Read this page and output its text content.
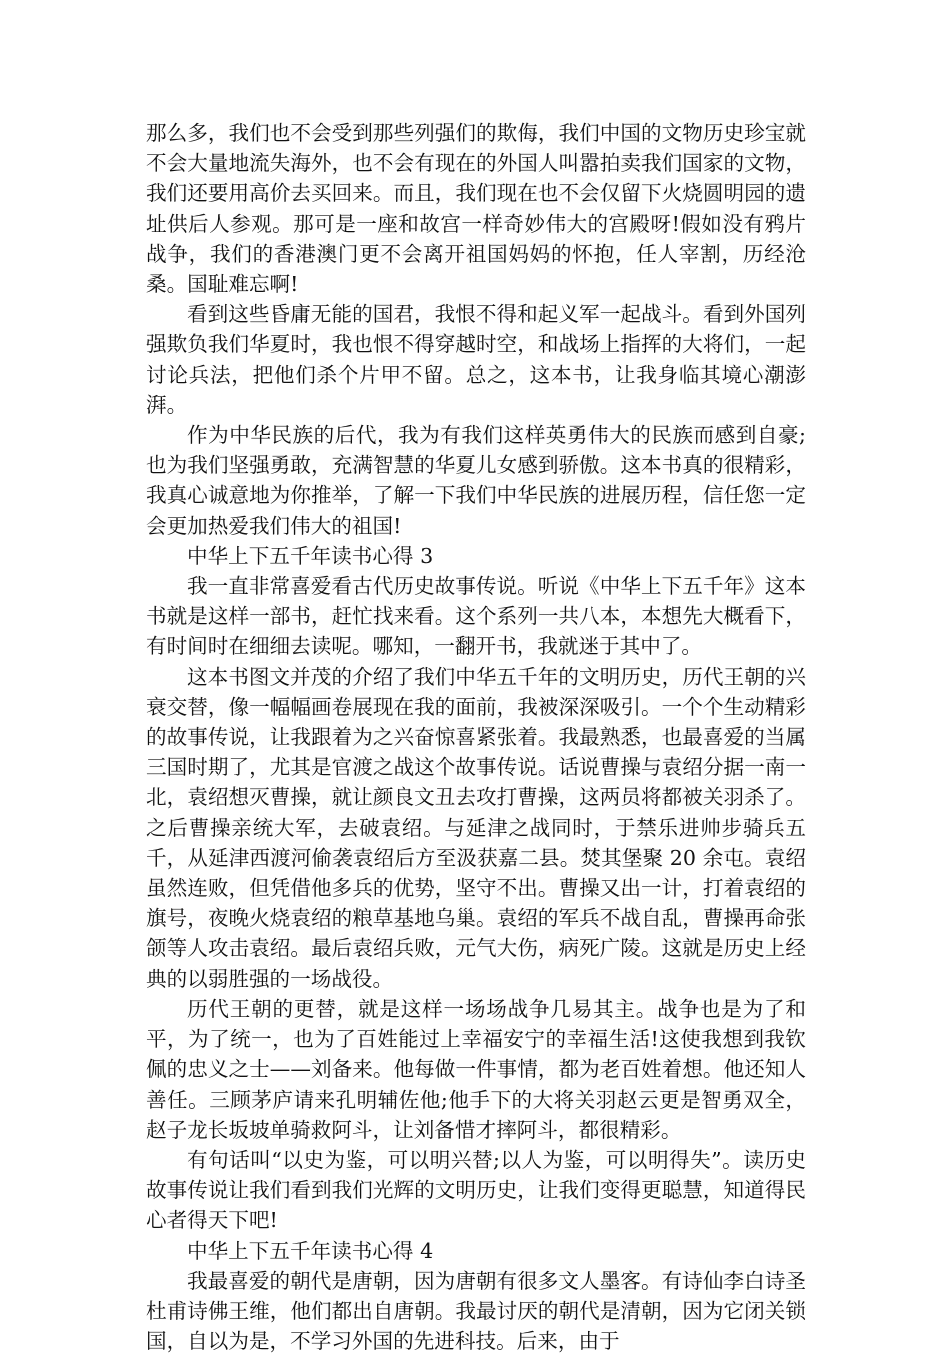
那么多，我们也不会受到那些列强们的欺侮，我们中国的文物历史珍宝就不会大量地流失海外，也不会有现在的外国人叫嚣拍卖我们国家的文物，我们还要用高价去买回来。而且，我们现在也不会仅留下火烧圆明园的遗址供后人参观。那可是一座和故宫一样奇妙伟大的宫殿呀!假如没有鸦片战争，我们的香港澳门更不会离开祖国妈妈的怀抱，任人宰割，历经沧桑。国耻难忘啊!

看到这些昏庸无能的国君，我恨不得和起义军一起战斗。看到外国列强欺负我们华夏时，我也恨不得穿越时空，和战场上指挥的大将们，一起讨论兵法，把他们杀个片甲不留。总之，这本书，让我身临其境心潮澎湃。

作为中华民族的后代，我为有我们这样英勇伟大的民族而感到自豪;也为我们坚强勇敢，充满智慧的华夏儿女感到骄傲。这本书真的很精彩，我真心诚意地为你推举，了解一下我们中华民族的进展历程，信任您一定会更加热爱我们伟大的祖国!

中华上下五千年读书心得 3

我一直非常喜爱看古代历史故事传说。听说《中华上下五千年》这本书就是这样一部书，赶忙找来看。这个系列一共八本，本想先大概看下，有时间时在细细去读呢。哪知，一翻开书，我就迷于其中了。

这本书图文并茂的介绍了我们中华五千年的文明历史，历代王朝的兴衰交替，像一幅幅画卷展现在我的面前，我被深深吸引。一个个生动精彩的故事传说，让我跟着为之兴奋惊喜紧张着。我最熟悉，也最喜爱的当属三国时期了，尤其是官渡之战这个故事传说。话说曹操与袁绍分据一南一北，袁绍想灭曹操，就让颜良文丑去攻打曹操，这两员将都被关羽杀了。之后曹操亲统大军，去破袁绍。与延津之战同时，于禁乐进帅步骑兵五千，从延津西渡河偷袭袁绍后方至汲获嘉二县。焚其堡聚 20 余屯。袁绍虽然连败，但凭借他多兵的优势，坚守不出。曹操又出一计，打着袁绍的旗号，夜晚火烧袁绍的粮草基地乌巢。袁绍的军兵不战自乱，曹操再命张颌等人攻击袁绍。最后袁绍兵败，元气大伤，病死广陵。这就是历史上经典的以弱胜强的一场战役。

历代王朝的更替，就是这样一场场战争几易其主。战争也是为了和平，为了统一，也为了百姓能过上幸福安宁的幸福生活!这使我想到我钦佩的忠义之士——刘备来。他每做一件事情，都为老百姓着想。他还知人善任。三顾茅庐请来孔明辅佐他;他手下的大将关羽赵云更是智勇双全，赵子龙长坂坡单骑救阿斗，让刘备惜才摔阿斗，都很精彩。

有句话叫“以史为鉴，可以明兴替;以人为鉴，可以明得失”。读历史故事传说让我们看到我们光辉的文明历史，让我们变得更聪慧，知道得民心者得天下吧!

中华上下五千年读书心得 4

我最喜爱的朝代是唐朝，因为唐朝有很多文人墨客。有诗仙李白诗圣杜甫诗佛王维，他们都出自唐朝。我最讨厌的朝代是清朝，因为它闭关锁国，自以为是，不学习外国的先进科技。后来，由于
